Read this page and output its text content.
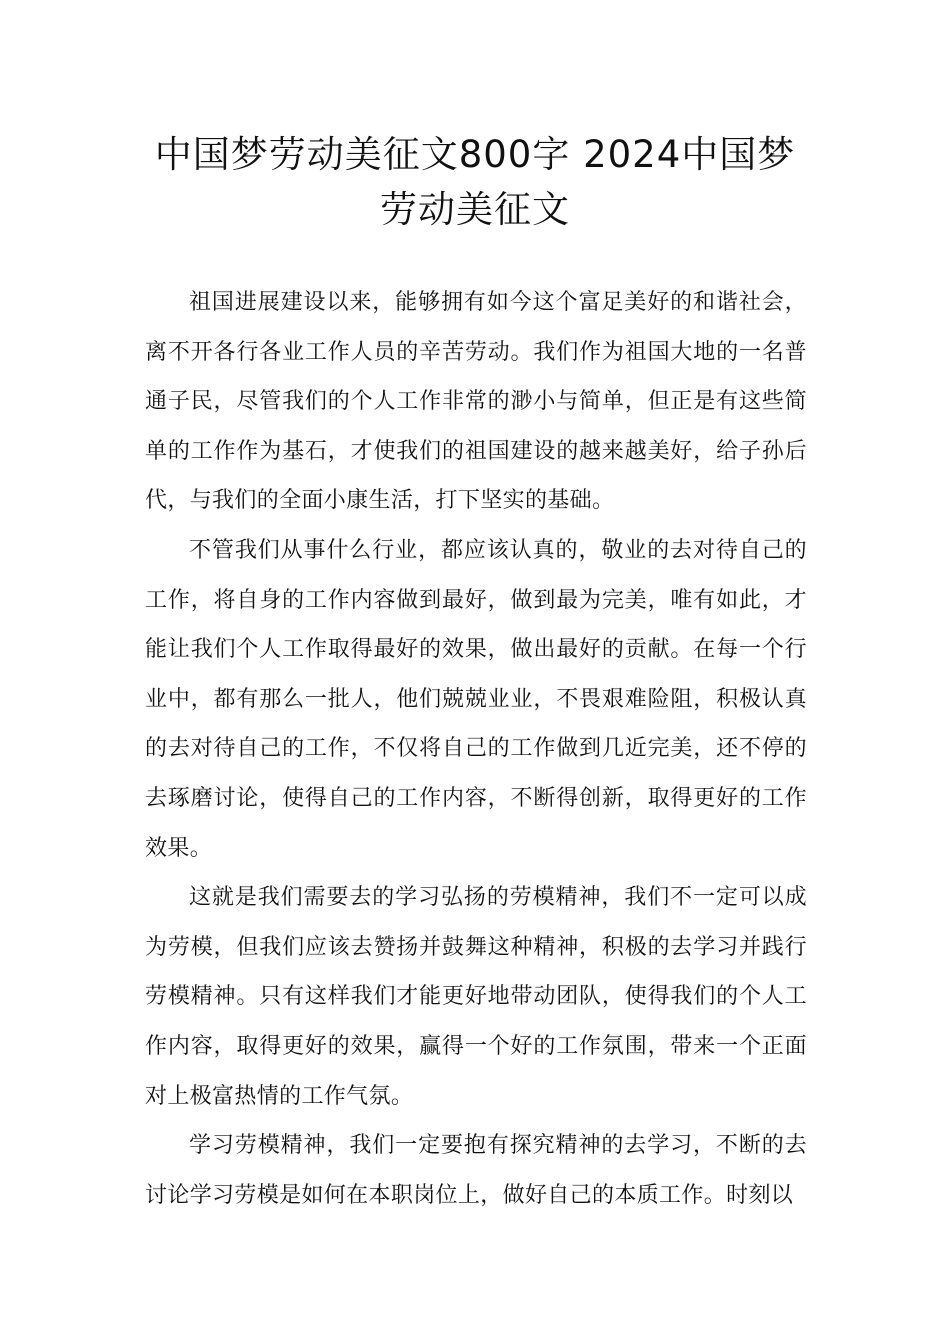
中国梦劳动美征文800字 2024中国梦劳动美征文

祖国进展建设以来，能够拥有如今这个富足美好的和谐社会，离不开各行各业工作人员的辛苦劳动。我们作为祖国大地的一名普通子民，尽管我们的个人工作非常的渺小与简单，但正是有这些简单的工作作为基石，才使我们的祖国建设的越来越美好，给子孙后代，与我们的全面小康生活，打下坚实的基础。

不管我们从事什么行业，都应该认真的，敬业的去对待自己的工作，将自身的工作内容做到最好，做到最为完美，唯有如此，才能让我们个人工作取得最好的效果，做出最好的贡献。在每一个行业中，都有那么一批人，他们兢兢业业，不畏艰难险阻，积极认真的去对待自己的工作，不仅将自己的工作做到几近完美，还不停的去琢磨讨论，使得自己的工作内容，不断得创新，取得更好的工作效果。

这就是我们需要去的学习弘扬的劳模精神，我们不一定可以成为劳模，但我们应该去赞扬并鼓舞这种精神，积极的去学习并践行劳模精神。只有这样我们才能更好地带动团队，使得我们的个人工作内容，取得更好的效果，赢得一个好的工作氛围，带来一个正面对上极富热情的工作气氛。

学习劳模精神，我们一定要抱有探究精神的去学习，不断的去讨论学习劳模是如何在本职岗位上，做好自己的本质工作。时刻以
